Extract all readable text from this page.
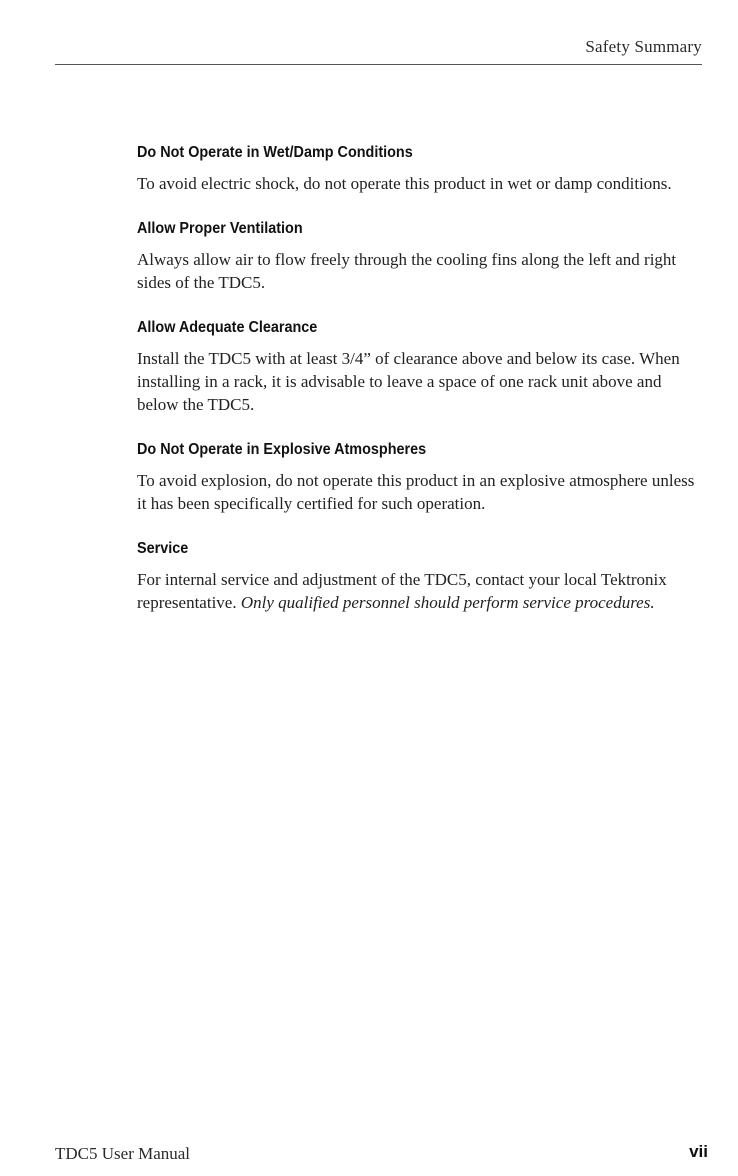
Safety Summary
Do Not Operate in Wet/Damp Conditions

To avoid electric shock, do not operate this product in wet or damp conditions.

Allow Proper Ventilation

Always allow air to flow freely through the cooling fins along the left and right sides of the TDC5.

Allow Adequate Clearance

Install the TDC5 with at least 3/4” of clearance above and below its case. When installing in a rack, it is advisable to leave a space of one rack unit above and below the TDC5.

Do Not Operate in Explosive Atmospheres

To avoid explosion, do not operate this product in an explosive atmosphere unless it has been specifically certified for such operation.

Service

For internal service and adjustment of the TDC5, contact your local Tektronix representative. Only qualified personnel should perform service procedures.

TDC5 User Manual	vii
